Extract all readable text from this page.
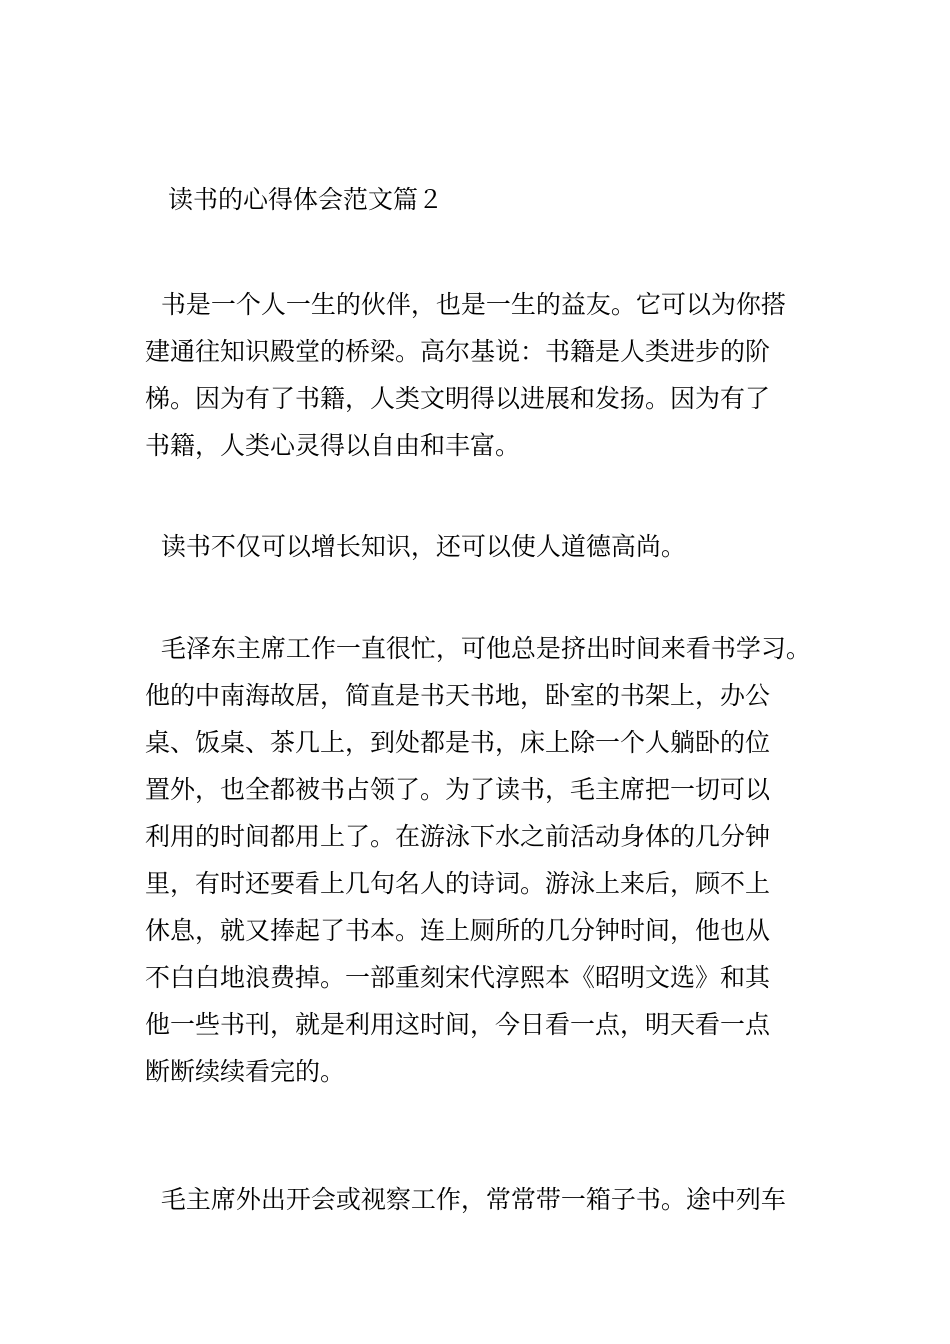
读书的心得体会范文篇２

书是一个人一生的伙伴，也是一生的益友。它可以为你搭
建通往知识殿堂的桥梁。高尔基说：书籍是人类进步的阶
梯。因为有了书籍，人类文明得以进展和发扬。因为有了
书籍，人类心灵得以自由和丰富。

读书不仅可以增长知识，还可以使人道德高尚。

毛泽东主席工作一直很忙，可他总是挤出时间来看书学习。
他的中南海故居，简直是书天书地，卧室的书架上，办公
桌、饭桌、茶几上，到处都是书，床上除一个人躺卧的位
置外，也全都被书占领了。为了读书，毛主席把一切可以
利用的时间都用上了。在游泳下水之前活动身体的几分钟
里，有时还要看上几句名人的诗词。游泳上来后，顾不上
休息，就又捧起了书本。连上厕所的几分钟时间，他也从
不白白地浪费掉。一部重刻宋代淳熙本《昭明文选》和其
他一些书刊，就是利用这时间，今日看一点，明天看一点
断断续续看完的。

毛主席外出开会或视察工作，常常带一箱子书。途中列车
